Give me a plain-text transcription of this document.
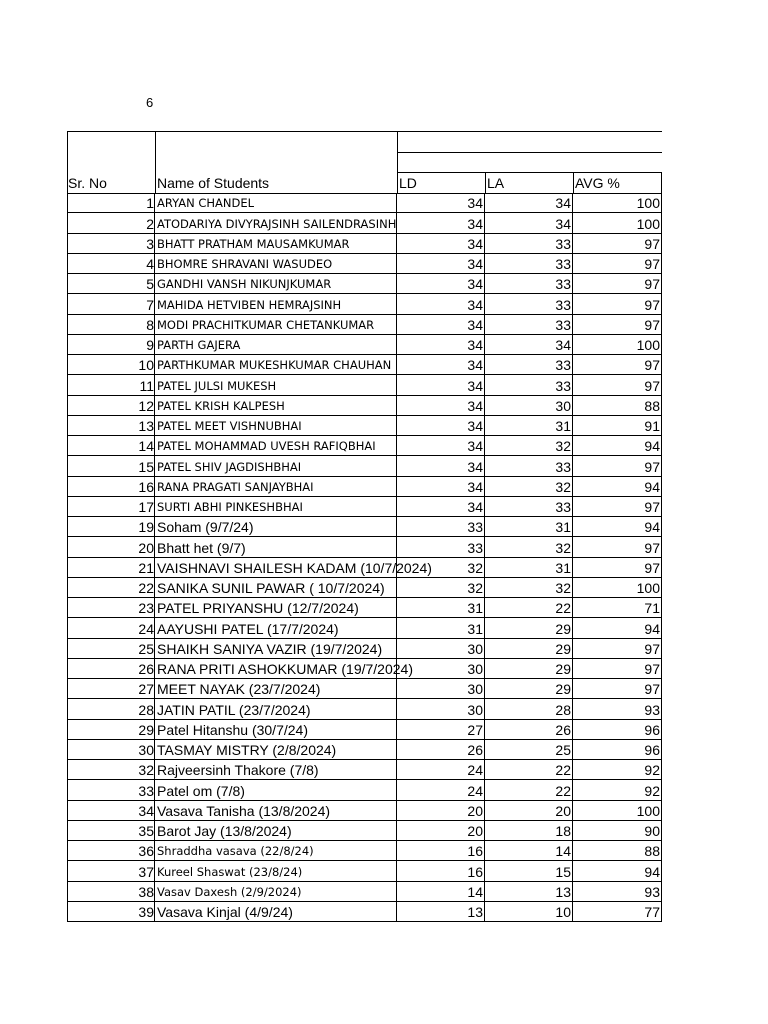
6
Sr. No	Name of Students	LD	LA	AVG %
1 ARYAN CHANDEL	34	34	100
2 ATODARIYA DIVYRAJSINH SAILENDRASINH	34	34	100
3 BHATT PRATHAM MAUSAMKUMAR	34	33	97
4 BHOMRE SHRAVANI WASUDEO	34	33	97
5 GANDHI VANSH NIKUNJKUMAR	34	33	97
7 MAHIDA HETVIBEN HEMRAJSINH	34	33	97
8 MODI PRACHITKUMAR CHETANKUMAR	34	33	97
9 PARTH GAJERA	34	34	100
10 PARTHKUMAR MUKESHKUMAR CHAUHAN	34	33	97
11 PATEL JULSI MUKESH	34	33	97
12 PATEL KRISH KALPESH	34	30	88
13 PATEL MEET VISHNUBHAI	34	31	91
14 PATEL MOHAMMAD UVESH RAFIQBHAI	34	32	94
15 PATEL SHIV JAGDISHBHAI	34	33	97
16 RANA PRAGATI SANJAYBHAI	34	32	94
17 SURTI ABHI PINKESHBHAI	34	33	97
19 Soham (9/7/24)	33	31	94
20 Bhatt het (9/7)	33	32	97
21 VAISHNAVI SHAILESH KADAM (10/7/2024)	32	31	97
22 SANIKA SUNIL PAWAR ( 10/7/2024)	32	32	100
23 PATEL PRIYANSHU (12/7/2024)	31	22	71
24 AAYUSHI PATEL (17/7/2024)	31	29	94
25 SHAIKH SANIYA VAZIR (19/7/2024)	30	29	97
26 RANA PRITI ASHOKKUMAR (19/7/2024)	30	29	97
27 MEET NAYAK (23/7/2024)	30	29	97
28 JATIN PATIL (23/7/2024)	30	28	93
29 Patel Hitanshu (30/7/24)	27	26	96
30 TASMAY MISTRY (2/8/2024)	26	25	96
32 Rajveersinh Thakore (7/8)	24	22	92
33 Patel om (7/8)	24	22	92
34 Vasava Tanisha (13/8/2024)	20	20	100
35 Barot Jay (13/8/2024)	20	18	90
36 Shraddha vasava (22/8/24)	16	14	88
37 Kureel Shaswat (23/8/24)	16	15	94
38 Vasav Daxesh (2/9/2024)	14	13	93
39 Vasava Kinjal (4/9/24)	13	10	77
